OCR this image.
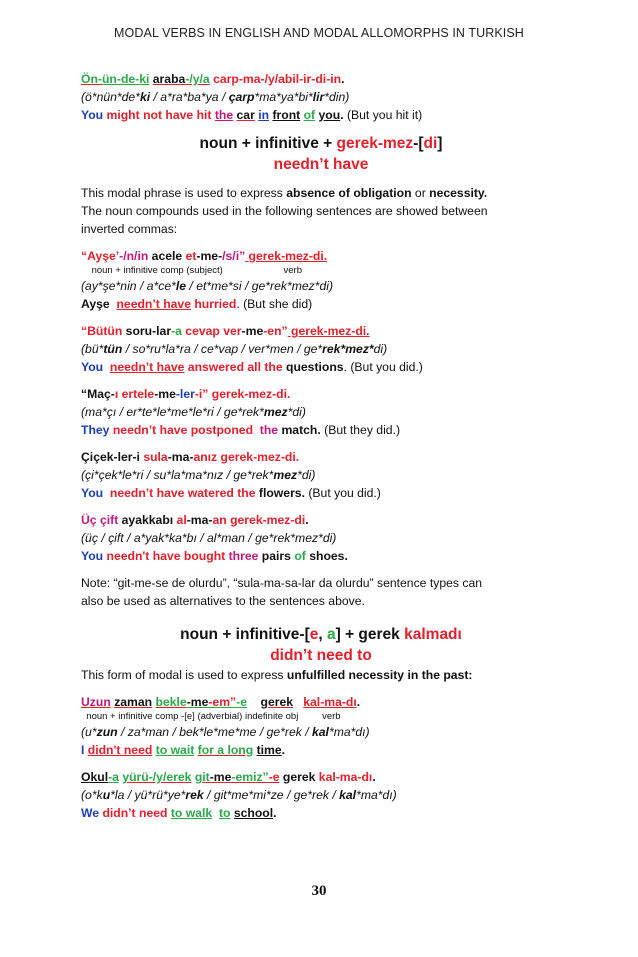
MODAL VERBS IN ENGLISH AND MODAL ALLOMORPHS IN TURKISH

Ön-ün-de-ki araba-/y/a carp-ma-/y/abil-ir-di-in.

(ö*nün*de*ki / a*ra*ba*ya / çarp*ma*ya*bi*lir*din)

You might not have hit the car in front of you. (But you hit it)

noun + infinitive + gerek-mez-[di]
needn’t have
This modal phrase is used to express absence of obligation or necessity.
The noun compounds used in the following sentences are showed between
inverted commas:

“Ayşe’-/n/in acele et-me-/s/i” gerek-mez-di.

noun + infinitive comp (subject)	verb

(ay*şe*nin / a*ce*le / et*me*si / ge*rek*mez*di)

Ayşe needn’t have hurried. (But she did)

“Bütün soru-lar-a cevap ver-me-en” gerek-mez-di.

(bü*tün / so*ru*la*ra / ce*vap / ver*men / ge*rek*mez*di)

You needn’t have answered all the questions. (But you did.)

“Maç-ı ertele-me-ler-i” gerek-mez-di.

(ma*çı / er*te*le*me*le*ri / ge*rek*mez*di)

They needn’t have postponed the match. (But they did.)

Çiçek-ler-i sula-ma-anız gerek-mez-di.

(çi*çek*le*ri / su*la*ma*nız / ge*rek*mez*di)

You needn’t have watered the flowers. (But you did.)

Üç çift ayakkabı al-ma-an gerek-mez-di.

(üç / çift / a*yak*ka*bı / al*man / ge*rek*mez*di)

You needn't have bought three pairs of shoes.

Note: “git-me-se de olurdu”, “sula-ma-sa-lar da olurdu” sentence types can
also be used as alternatives to the sentences above.
noun + infinitive-[e, a] + gerek kalmadı
didn’t need to
This form of modal is used to express unfulfilled necessity in the past:

Uzun zaman bekle-me-em”-e gerek kal-ma-dı.

noun + infinitive comp -[e] (adverbial) indefinite obj	verb

(u*zun / za*man / bek*le*me*me / ge*rek / kal*ma*dı)

I didn't need to wait for a long time.

Okul-a yürü-/y/erek git-me-emiz”-e gerek kal-ma-dı.

(o*ku*la / yü*rü*ye*rek / git*me*mi*ze / ge*rek / kal*ma*dı)

We didn’t need to walk to school.

30
